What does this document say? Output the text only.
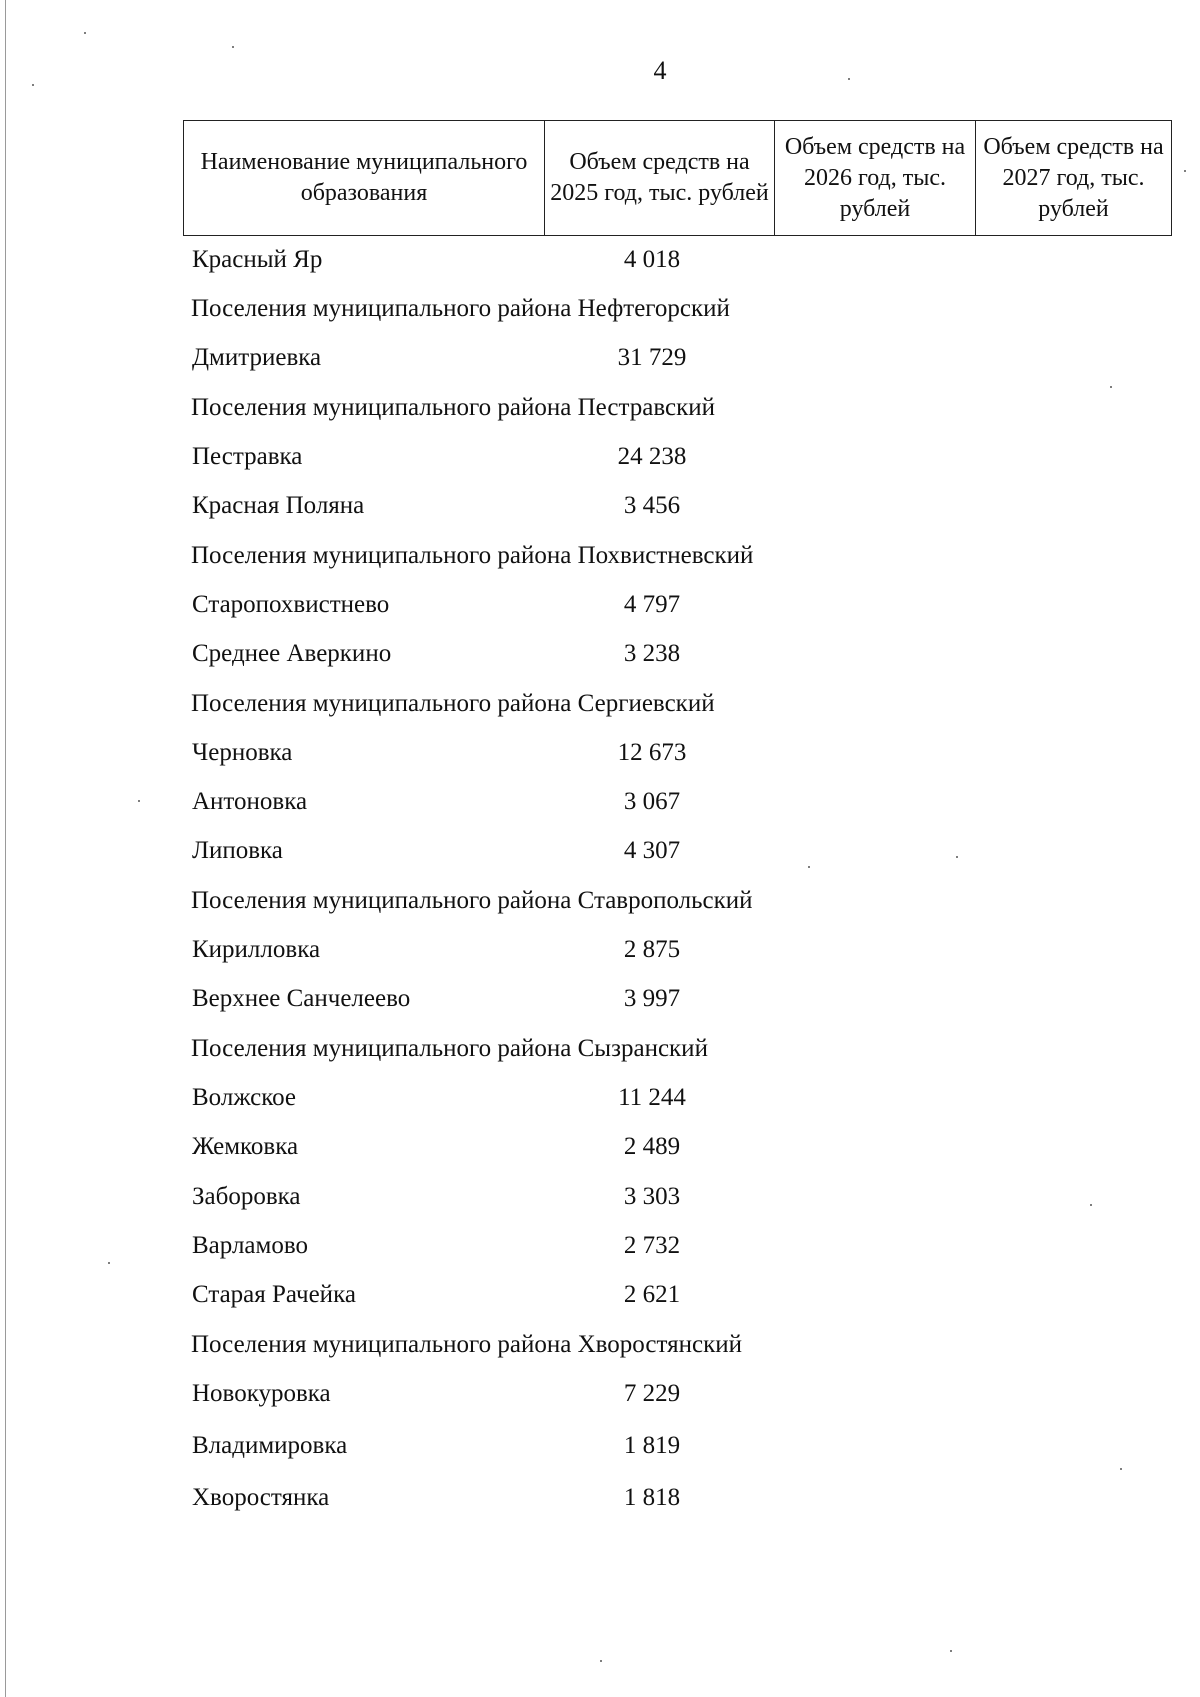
4
Наименование муниципального образования	Объем средств на 2025 год, тыс. рублей	Объем средств на 2026 год, тыс. рублей	Объем средств на 2027 год, тыс. рублей
Красный Яр	4 018
Поселения муниципального района Нефтегорский
Дмитриевка	31 729
Поселения муниципального района Пестравский
Пестравка	24 238
Красная Поляна	3 456
Поселения муниципального района Похвистневский
Старопохвистнево	4 797
Среднее Аверкино	3 238
Поселения муниципального района Сергиевский
Черновка	12 673
Антоновка	3 067
Липовка	4 307
Поселения муниципального района Ставропольский
Кирилловка	2 875
Верхнее Санчелеево	3 997
Поселения муниципального района Сызранский
Волжское	11 244
Жемковка	2 489
Заборовка	3 303
Варламово	2 732
Старая Рачейка	2 621
Поселения муниципального района Хворостянский
Новокуровка	7 229
Владимировка	1 819
Хворостянка	1 818
